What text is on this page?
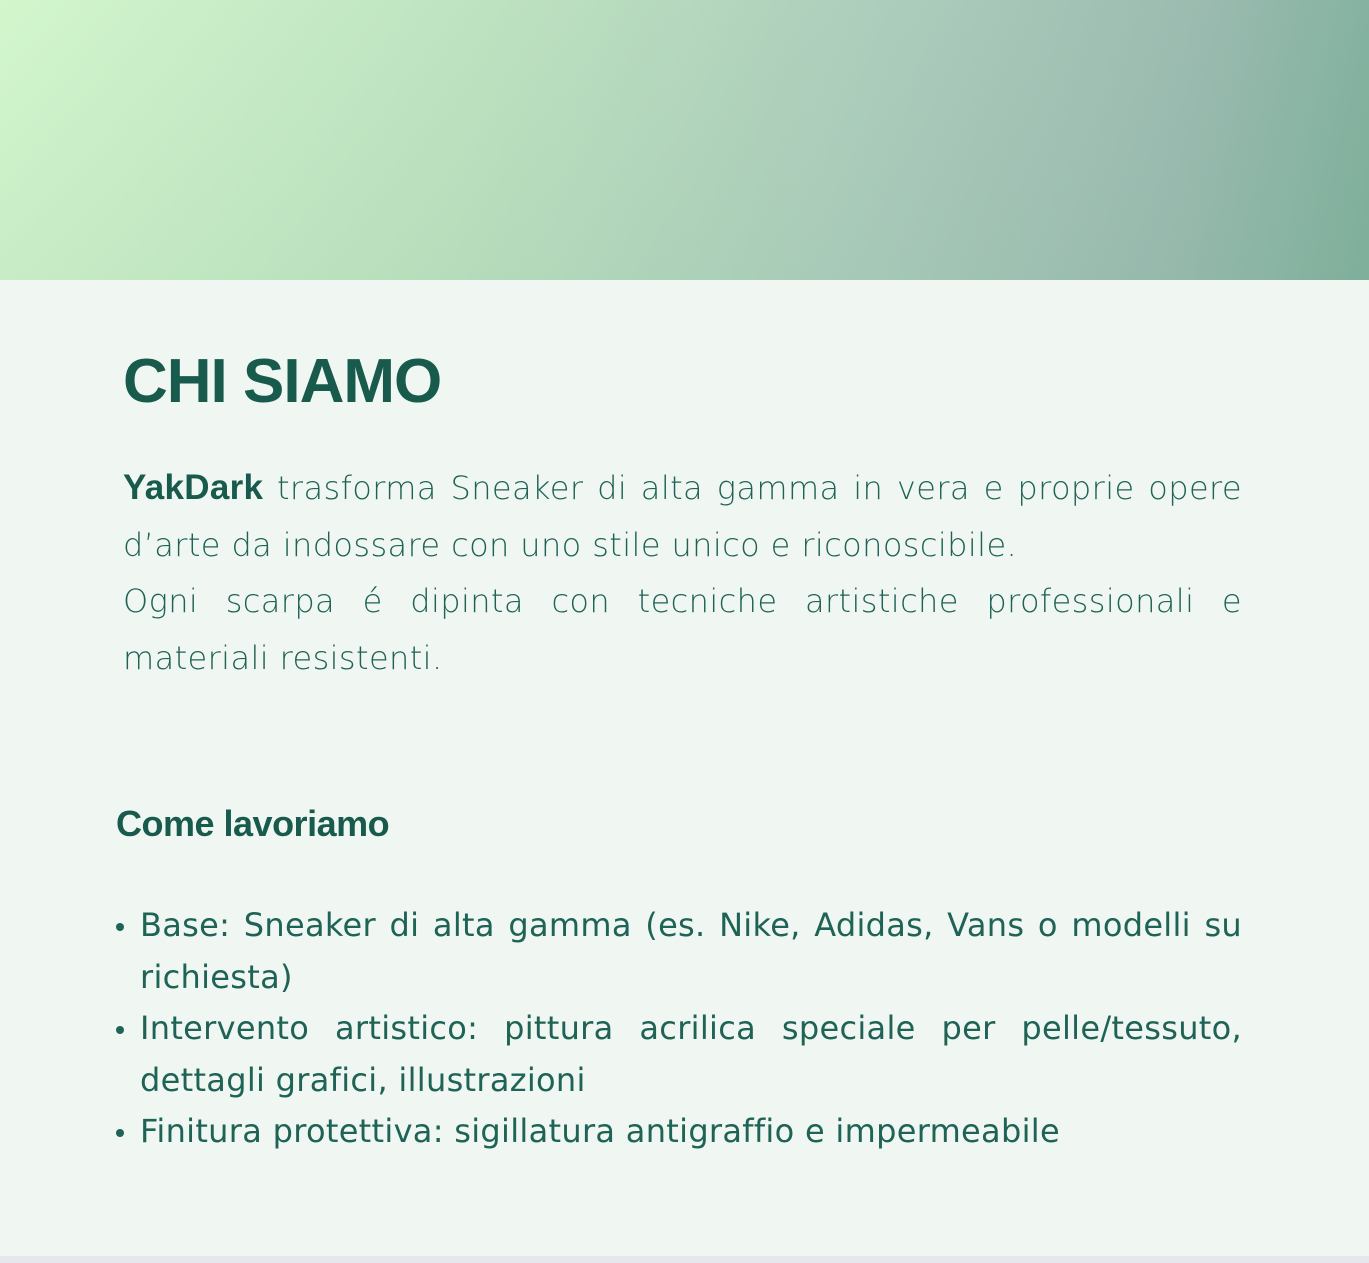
CHI SIAMO

YakDark trasforma Sneaker di alta gamma in vera e proprie opere d’arte da indossare con uno stile unico e riconoscibile.

Ogni scarpa é dipinta con tecniche artistiche professionali e materiali resistenti.

Come lavoriamo
Base: Sneaker di alta gamma (es. Nike, Adidas, Vans o modelli su richiesta)
Intervento artistico: pittura acrilica speciale per pelle/tessuto, dettagli grafici, illustrazioni
Finitura protettiva: sigillatura antigraffio e impermeabile
